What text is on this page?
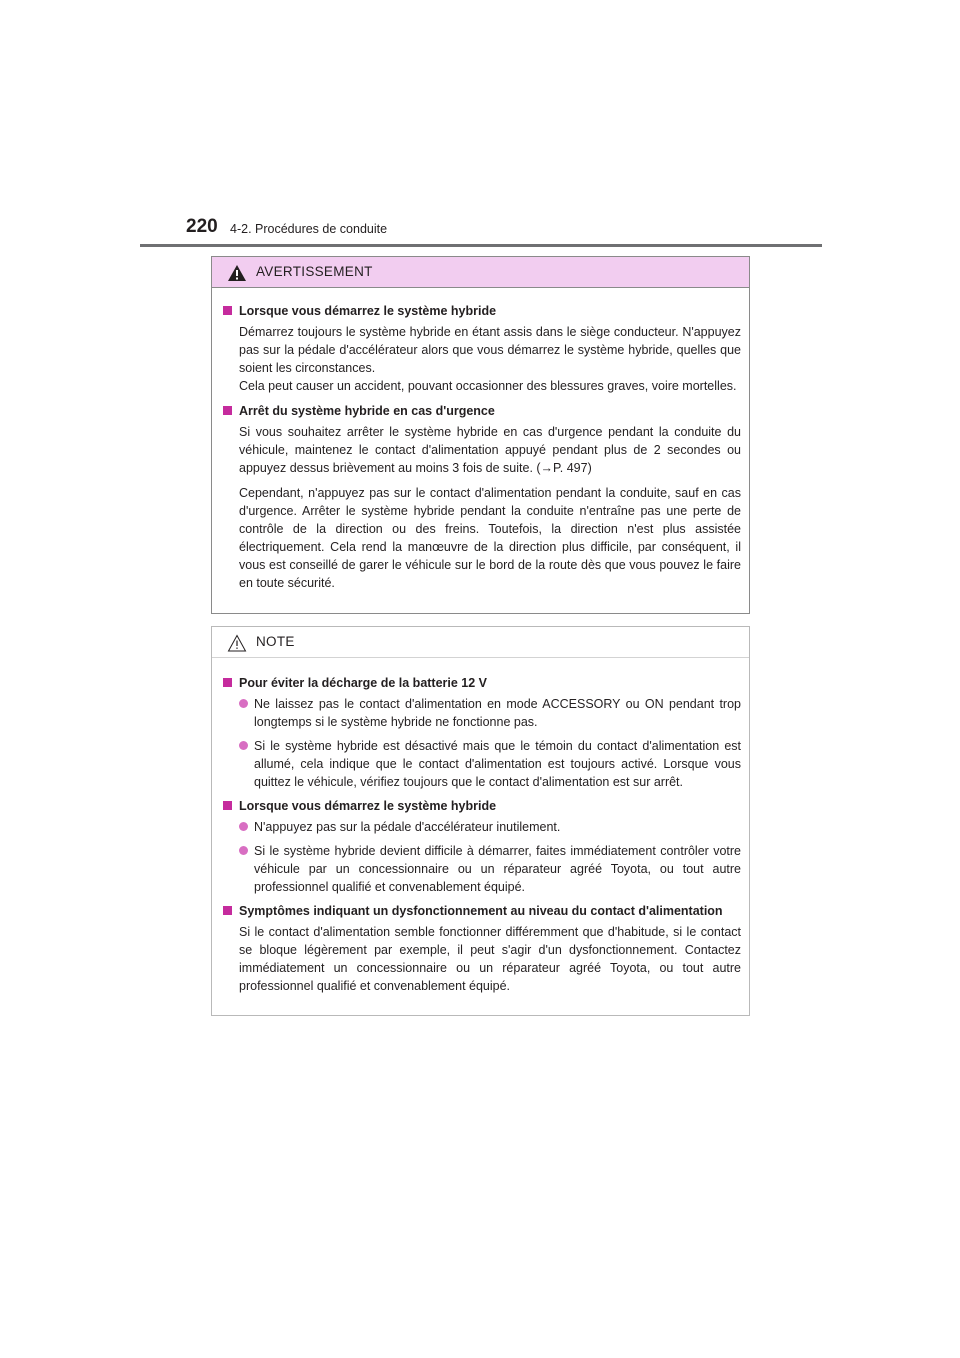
220 4-2. Procédures de conduite
AVERTISSEMENT

Lorsque vous démarrez le système hybride

Démarrez toujours le système hybride en étant assis dans le siège conducteur. N'appuyez pas sur la pédale d'accélérateur alors que vous démarrez le système hybride, quelles que soient les circonstances.

Cela peut causer un accident, pouvant occasionner des blessures graves, voire mortelles.

Arrêt du système hybride en cas d'urgence

Si vous souhaitez arrêter le système hybride en cas d'urgence pendant la conduite du véhicule, maintenez le contact d'alimentation appuyé pendant plus de 2 secondes ou appuyez dessus brièvement au moins 3 fois de suite. (→P. 497)

Cependant, n'appuyez pas sur le contact d'alimentation pendant la conduite, sauf en cas d'urgence. Arrêter le système hybride pendant la conduite n'entraîne pas une perte de contrôle de la direction ou des freins. Toutefois, la direction n'est plus assistée électriquement. Cela rend la manœuvre de la direction plus difficile, par conséquent, il vous est conseillé de garer le véhicule sur le bord de la route dès que vous pouvez le faire en toute sécurité.

NOTE

Pour éviter la décharge de la batterie 12 V

Ne laissez pas le contact d'alimentation en mode ACCESSORY ou ON pendant trop longtemps si le système hybride ne fonctionne pas.

Si le système hybride est désactivé mais que le témoin du contact d'alimentation est allumé, cela indique que le contact d'alimentation est toujours activé. Lorsque vous quittez le véhicule, vérifiez toujours que le contact d'alimentation est sur arrêt.

Lorsque vous démarrez le système hybride

N'appuyez pas sur la pédale d'accélérateur inutilement.

Si le système hybride devient difficile à démarrer, faites immédiatement contrôler votre véhicule par un concessionnaire ou un réparateur agréé Toyota, ou tout autre professionnel qualifié et convenablement équipé.

Symptômes indiquant un dysfonctionnement au niveau du contact d'alimentation

Si le contact d'alimentation semble fonctionner différemment que d'habitude, si le contact se bloque légèrement par exemple, il peut s'agir d'un dysfonctionnement. Contactez immédiatement un concessionnaire ou un réparateur agréé Toyota, ou tout autre professionnel qualifié et convenablement équipé.
